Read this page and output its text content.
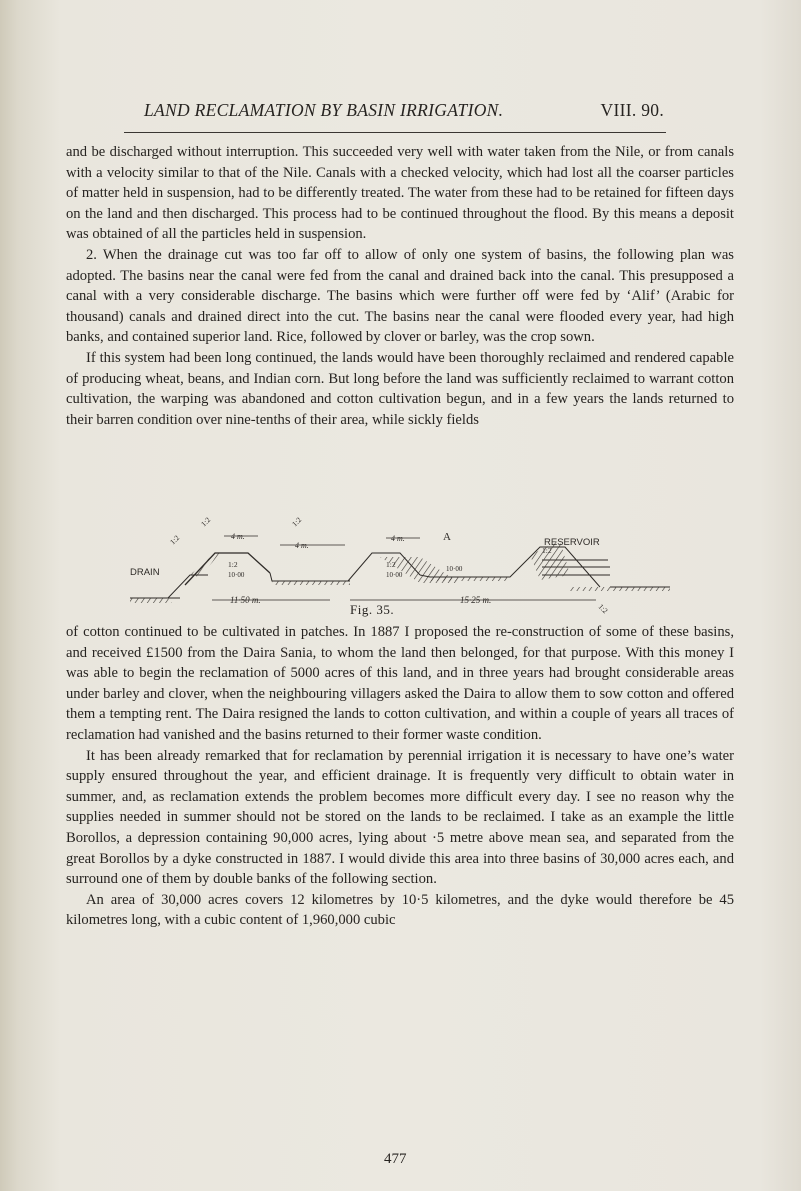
LAND RECLAMATION BY BASIN IRRIGATION.	VIII. 90.

and be discharged without interruption. This succeeded very well with water taken from the Nile, or from canals with a velocity similar to that of the Nile. Canals with a checked velocity, which had lost all the coarser particles of matter held in suspension, had to be differently treated. The water from these had to be retained for fifteen days on the land and then discharged. This process had to be continued throughout the flood. By this means a deposit was obtained of all the particles held in suspension.

2. When the drainage cut was too far off to allow of only one system of basins, the following plan was adopted. The basins near the canal were fed from the canal and drained back into the canal. This presupposed a canal with a very considerable discharge. The basins which were further off were fed by ‘Alif’ (Arabic for thousand) canals and drained direct into the cut. The basins near the canal were flooded every year, had high banks, and contained superior land. Rice, followed by clover or barley, was the crop sown.

If this system had been long continued, the lands would have been thoroughly reclaimed and rendered capable of producing wheat, beans, and Indian corn. But long before the land was sufficiently reclaimed to warrant cotton cultivation, the warping was abandoned and cotton cultivation begun, and in a few years the lands returned to their barren condition over nine-tenths of their area, while sickly fields

DRAIN
RESERVOIR
A
11·50 m.	15·25 m.
4 m.
4 m.
4 m.
1:2	1:2
1:2
1:2
1:2	1:2
1:2
10·00	10·00
10·00
Fig. 35.

of cotton continued to be cultivated in patches. In 1887 I proposed the re-construction of some of these basins, and received £1500 from the Daira Sania, to whom the land then belonged, for that purpose. With this money I was able to begin the reclamation of 5000 acres of this land, and in three years had brought considerable areas under barley and clover, when the neighbouring villagers asked the Daira to allow them to sow cotton and offered them a tempting rent. The Daira resigned the lands to cotton cultivation, and within a couple of years all traces of reclamation had vanished and the basins returned to their former waste condition.

It has been already remarked that for reclamation by perennial irrigation it is necessary to have one’s water supply ensured throughout the year, and efficient drainage. It is frequently very difficult to obtain water in summer, and, as reclamation extends the problem becomes more difficult every day. I see no reason why the supplies needed in summer should not be stored on the lands to be reclaimed. I take as an example the little Borollos, a depression containing 90,000 acres, lying about ·5 metre above mean sea, and separated from the great Borollos by a dyke constructed in 1887. I would divide this area into three basins of 30,000 acres each, and surround one of them by double banks of the following section.

An area of 30,000 acres covers 12 kilometres by 10·5 kilometres, and the dyke would therefore be 45 kilometres long, with a cubic content of 1,960,000 cubic

477
